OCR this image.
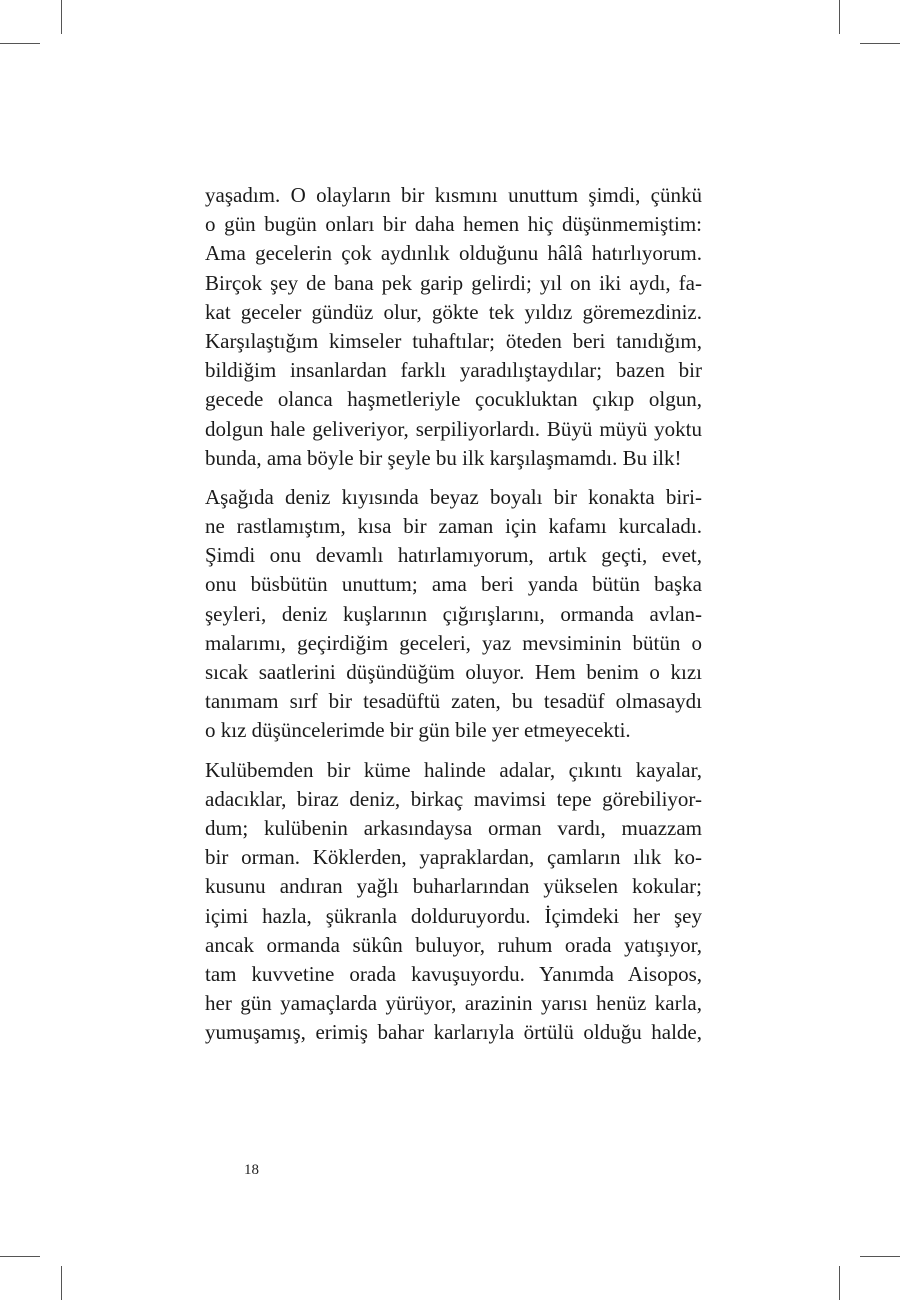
yaşadım. O olayların bir kısmını unuttum şimdi, çünkü
o gün bugün onları bir daha hemen hiç düşünmemiştim:
Ama gecelerin çok aydınlık olduğunu hâlâ hatırlıyorum.
Birçok şey de bana pek garip gelirdi; yıl on iki aydı, fa-
kat geceler gündüz olur, gökte tek yıldız göremezdiniz.
Karşılaştığım kimseler tuhaftılar; öteden beri tanıdığım,
bildiğim insanlardan farklı yaradılıştaydılar; bazen bir
gecede olanca haşmetleriyle çocukluktan çıkıp olgun,
dolgun hale geliveriyor, serpiliyorlardı. Büyü müyü yoktu
bunda, ama böyle bir şeyle bu ilk karşılaşmamdı. Bu ilk!

Aşağıda deniz kıyısında beyaz boyalı bir konakta biri-
ne rastlamıştım, kısa bir zaman için kafamı kurcaladı.
Şimdi onu devamlı hatırlamıyorum, artık geçti, evet,
onu büsbütün unuttum; ama beri yanda bütün başka
şeyleri, deniz kuşlarının çığırışlarını, ormanda avlan-
malarımı, geçirdiğim geceleri, yaz mevsiminin bütün o
sıcak saatlerini düşündüğüm oluyor. Hem benim o kızı
tanımam sırf bir tesadüftü zaten, bu tesadüf olmasaydı
o kız düşüncelerimde bir gün bile yer etmeyecekti.

Kulübemden bir küme halinde adalar, çıkıntı kayalar,
adacıklar, biraz deniz, birkaç mavimsi tepe görebiliyor-
dum; kulübenin arkasındaysa orman vardı, muazzam
bir orman. Köklerden, yapraklardan, çamların ılık ko-
kusunu andıran yağlı buharlarından yükselen kokular;
içimi hazla, şükranla dolduruyordu. İçimdeki her şey
ancak ormanda sükûn buluyor, ruhum orada yatışıyor,
tam kuvvetine orada kavuşuyordu. Yanımda Aisopos,
her gün yamaçlarda yürüyor, arazinin yarısı henüz karla,
yumuşamış, erimiş bahar karlarıyla örtülü olduğu halde,

18
